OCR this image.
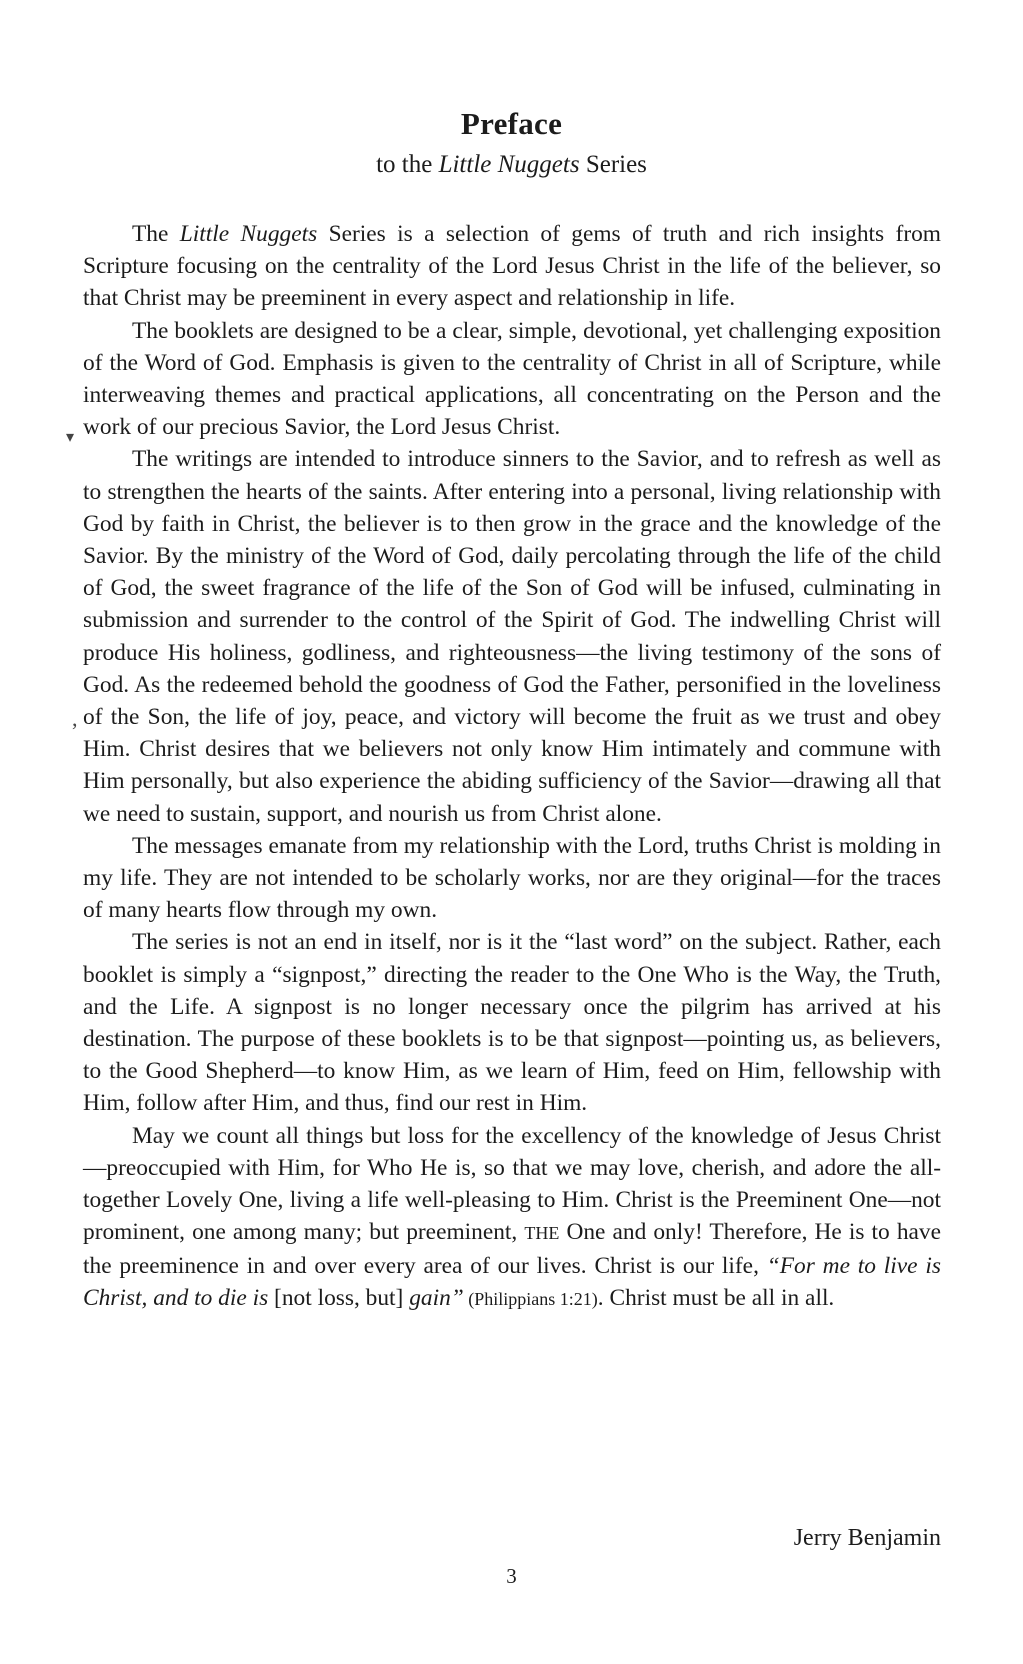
Preface
to the Little Nuggets Series

The Little Nuggets Series is a selection of gems of truth and rich insights from Scripture focusing on the centrality of the Lord Jesus Christ in the life of the believer, so that Christ may be preeminent in every aspect and relationship in life.

The booklets are designed to be a clear, simple, devotional, yet challenging exposition of the Word of God. Emphasis is given to the centrality of Christ in all of Scripture, while interweaving themes and practical applications, all concentrating on the Person and the work of our precious Savior, the Lord Jesus Christ.

The writings are intended to introduce sinners to the Savior, and to refresh as well as to strengthen the hearts of the saints. After entering into a personal, living relationship with God by faith in Christ, the believer is to then grow in the grace and the knowledge of the Savior. By the ministry of the Word of God, daily percolating through the life of the child of God, the sweet fragrance of the life of the Son of God will be infused, culminating in submission and surrender to the control of the Spirit of God. The indwelling Christ will produce His holiness, godliness, and righteousness—the living testimony of the sons of God. As the redeemed behold the goodness of God the Father, personified in the loveliness of the Son, the life of joy, peace, and victory will become the fruit as we trust and obey Him. Christ desires that we believers not only know Him intimately and commune with Him personally, but also experience the abiding sufficiency of the Savior—drawing all that we need to sustain, support, and nourish us from Christ alone.

The messages emanate from my relationship with the Lord, truths Christ is molding in my life. They are not intended to be scholarly works, nor are they original—for the traces of many hearts flow through my own.

The series is not an end in itself, nor is it the “last word” on the subject. Rather, each booklet is simply a “signpost,” directing the reader to the One Who is the Way, the Truth, and the Life. A signpost is no longer necessary once the pilgrim has arrived at his destination. The purpose of these booklets is to be that signpost—pointing us, as believers, to the Good Shepherd—to know Him, as we learn of Him, feed on Him, fellowship with Him, follow after Him, and thus, find our rest in Him.

May we count all things but loss for the excellency of the knowledge of Jesus Christ—preoccupied with Him, for Who He is, so that we may love, cherish, and adore the all-together Lovely One, living a life well-pleasing to Him. Christ is the Preeminent One—not prominent, one among many; but preeminent, THE One and only! Therefore, He is to have the preeminence in and over every area of our lives. Christ is our life, “For me to live is Christ, and to die is [not loss, but] gain” (Philippians 1:21). Christ must be all in all.

▾
,
Jerry Benjamin
3
